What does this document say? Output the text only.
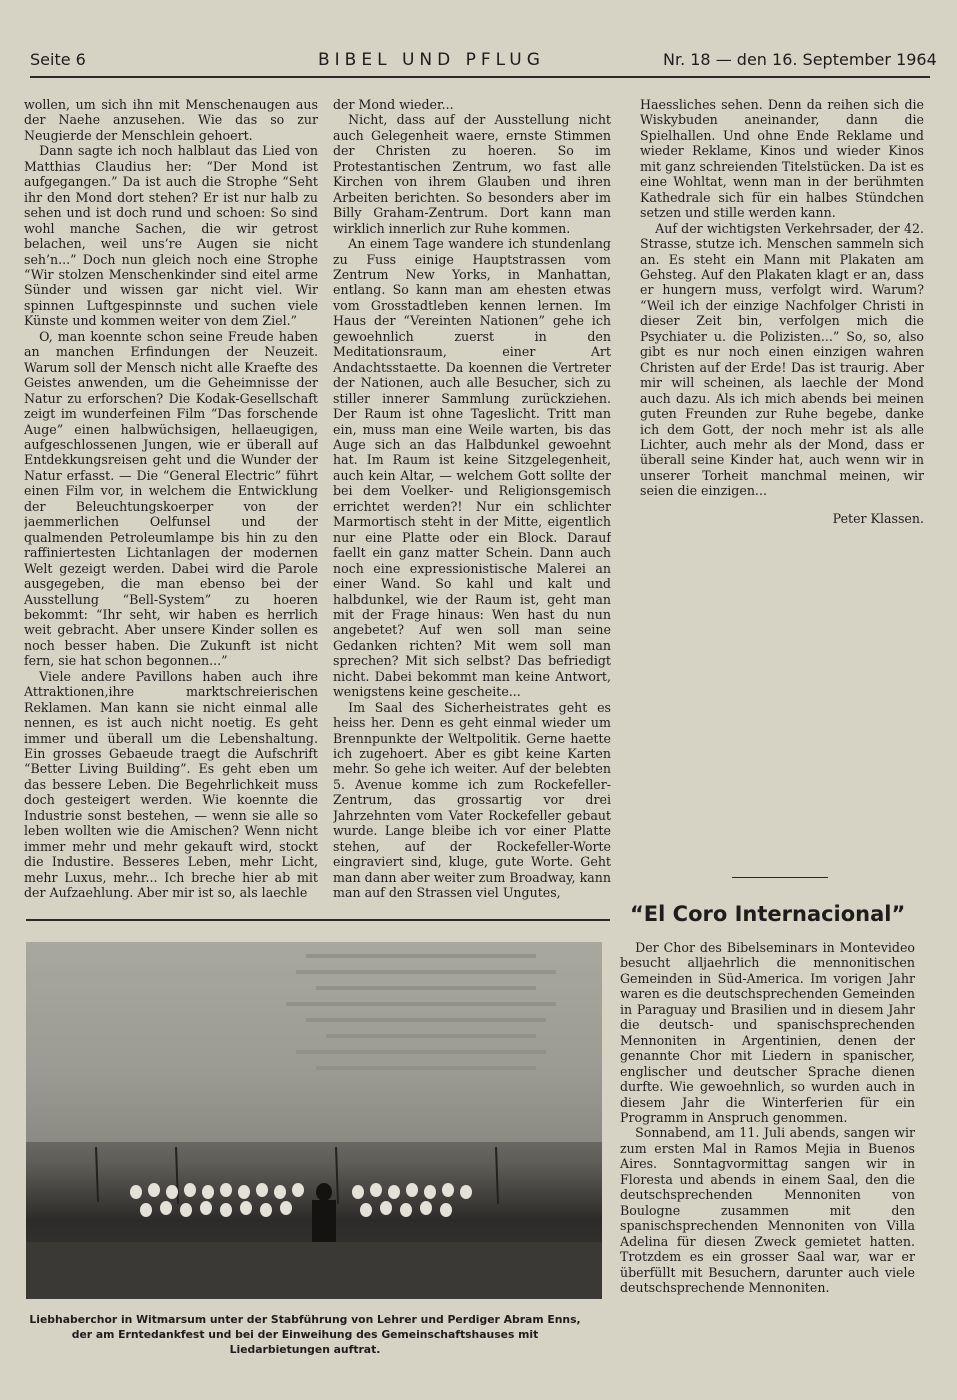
Seite 6	BIBEL UND PFLUG	Nr. 18 — den 16. September 1964

wollen, um sich ihn mit Menschenaugen aus der Naehe anzusehen. Wie das so zur Neugierde der Menschlein gehoert.

Dann sagte ich noch halblaut das Lied von Matthias Claudius her: “Der Mond ist aufgegangen.” Da ist auch die Strophe “Seht ihr den Mond dort stehen? Er ist nur halb zu sehen und ist doch rund und schoen: So sind wohl manche Sachen, die wir getrost belachen, weil uns’re Augen sie nicht seh’n...” Doch nun gleich noch eine Strophe “Wir stolzen Menschenkinder sind eitel arme Sünder und wissen gar nicht viel. Wir spinnen Luftgespinnste und suchen viele Künste und kommen weiter von dem Ziel.”

O, man koennte schon seine Freude haben an manchen Erfindungen der Neuzeit. Warum soll der Mensch nicht alle Kraefte des Geistes anwenden, um die Geheimnisse der Natur zu erforschen? Die Kodak-Gesellschaft zeigt im wunderfeinen Film “Das forschende Auge” einen halbwüchsigen, hellaeugigen, aufgeschlossenen Jungen, wie er überall auf Entdekkungsreisen geht und die Wunder der Natur erfasst. — Die “General Electric” führt einen Film vor, in welchem die Entwicklung der Beleuchtungskoerper von der jaemmerlichen Oelfunsel und der qualmenden Petroleumlampe bis hin zu den raffiniertesten Lichtanlagen der modernen Welt gezeigt werden. Dabei wird die Parole ausgegeben, die man ebenso bei der Ausstellung “Bell-System” zu hoeren bekommt: “Ihr seht, wir haben es herrlich weit gebracht. Aber unsere Kinder sollen es noch besser haben. Die Zukunft ist nicht fern, sie hat schon begonnen...”

Viele andere Pavillons haben auch ihre Attraktionen,ihre marktschreierischen Reklamen. Man kann sie nicht einmal alle nennen, es ist auch nicht noetig. Es geht immer und überall um die Lebenshaltung. Ein grosses Gebaeude traegt die Aufschrift “Better Living Building”. Es geht eben um das bessere Leben. Die Begehrlichkeit muss doch gesteigert werden. Wie koennte die Industrie sonst bestehen, — wenn sie alle so leben wollten wie die Amischen? Wenn nicht immer mehr und mehr gekauft wird, stockt die Industire. Besseres Leben, mehr Licht, mehr Luxus, mehr... Ich breche hier ab mit der Aufzaehlung. Aber mir ist so, als laechle

der Mond wieder...

Nicht, dass auf der Ausstellung nicht auch Gelegenheit waere, ernste Stimmen der Christen zu hoeren. So im Protestantischen Zentrum, wo fast alle Kirchen von ihrem Glauben und ihren Arbeiten berichten. So besonders aber im Billy Graham-Zentrum. Dort kann man wirklich innerlich zur Ruhe kommen.

An einem Tage wandere ich stundenlang zu Fuss einige Hauptstrassen vom Zentrum New Yorks, in Manhattan, entlang. So kann man am ehesten etwas vom Grosstadtleben kennen lernen. Im Haus der “Vereinten Nationen” gehe ich gewoehnlich zuerst in den Meditationsraum, einer Art Andachtsstaette. Da koennen die Vertreter der Nationen, auch alle Besucher, sich zu stiller innerer Sammlung zurückziehen. Der Raum ist ohne Tageslicht. Tritt man ein, muss man eine Weile warten, bis das Auge sich an das Halbdunkel gewoehnt hat. Im Raum ist keine Sitzgelegenheit, auch kein Altar, — welchem Gott sollte der bei dem Voelker- und Religionsgemisch errichtet werden?! Nur ein schlichter Marmortisch steht in der Mitte, eigentlich nur eine Platte oder ein Block. Darauf faellt ein ganz matter Schein. Dann auch noch eine expressionistische Malerei an einer Wand. So kahl und kalt und halbdunkel, wie der Raum ist, geht man mit der Frage hinaus: Wen hast du nun angebetet? Auf wen soll man seine Gedanken richten? Mit wem soll man sprechen? Mit sich selbst? Das befriedigt nicht. Dabei bekommt man keine Antwort, wenigstens keine gescheite...

Im Saal des Sicherheistrates geht es heiss her. Denn es geht einmal wieder um Brennpunkte der Weltpolitik. Gerne haette ich zugehoert. Aber es gibt keine Karten mehr. So gehe ich weiter. Auf der belebten 5. Avenue komme ich zum Rockefeller-Zentrum, das grossartig vor drei Jahrzehnten vom Vater Rockefeller gebaut wurde. Lange bleibe ich vor einer Platte stehen, auf der Rockefeller-Worte eingraviert sind, kluge, gute Worte. Geht man dann aber weiter zum Broadway, kann man auf den Strassen viel Ungutes,

Haessliches sehen. Denn da reihen sich die Wiskybuden aneinander, dann die Spielhallen. Und ohne Ende Reklame und wieder Reklame, Kinos und wieder Kinos mit ganz schreienden Titelstücken. Da ist es eine Wohltat, wenn man in der berühmten Kathedrale sich für ein halbes Stündchen setzen und stille werden kann.

Auf der wichtigsten Verkehrsader, der 42. Strasse, stutze ich. Menschen sammeln sich an. Es steht ein Mann mit Plakaten am Gehsteg. Auf den Plakaten klagt er an, dass er hungern muss, verfolgt wird. Warum? “Weil ich der einzige Nachfolger Christi in dieser Zeit bin, verfolgen mich die Psychiater u. die Polizisten...” So, so, also gibt es nur noch einen einzigen wahren Christen auf der Erde! Das ist traurig. Aber mir will scheinen, als laechle der Mond auch dazu. Als ich mich abends bei meinen guten Freunden zur Ruhe begebe, danke ich dem Gott, der noch mehr ist als alle Lichter, auch mehr als der Mond, dass er überall seine Kinder hat, auch wenn wir in unserer Torheit manchmal meinen, wir seien die einzigen...

Peter Klassen.

Liebhaberchor in Witmarsum unter der Stabführung von Lehrer und Perdiger Abram Enns, der am Erntedankfest und bei der Einweihung des Gemeinschaftshauses mit Liedarbietungen auftrat.
“El Coro Internacional”

Der Chor des Bibelseminars in Montevideo besucht alljaehrlich die mennonitischen Gemeinden in Süd-America. Im vorigen Jahr waren es die deutschsprechenden Gemeinden in Paraguay und Brasilien und in diesem Jahr die deutsch- und spanischsprechenden Mennoniten in Argentinien, denen der genannte Chor mit Liedern in spanischer, englischer und deutscher Sprache dienen durfte. Wie gewoehnlich, so wurden auch in diesem Jahr die Winterferien für ein Programm in Anspruch genommen.

Sonnabend, am 11. Juli abends, sangen wir zum ersten Mal in Ramos Mejia in Buenos Aires. Sonntagvormittag sangen wir in Floresta und abends in einem Saal, den die deutschsprechenden Mennoniten von Boulogne zusammen mit den spanischsprechenden Mennoniten von Villa Adelina für diesen Zweck gemietet hatten. Trotzdem es ein grosser Saal war, war er überfüllt mit Besuchern, darunter auch viele deutschsprechende Mennoniten.
